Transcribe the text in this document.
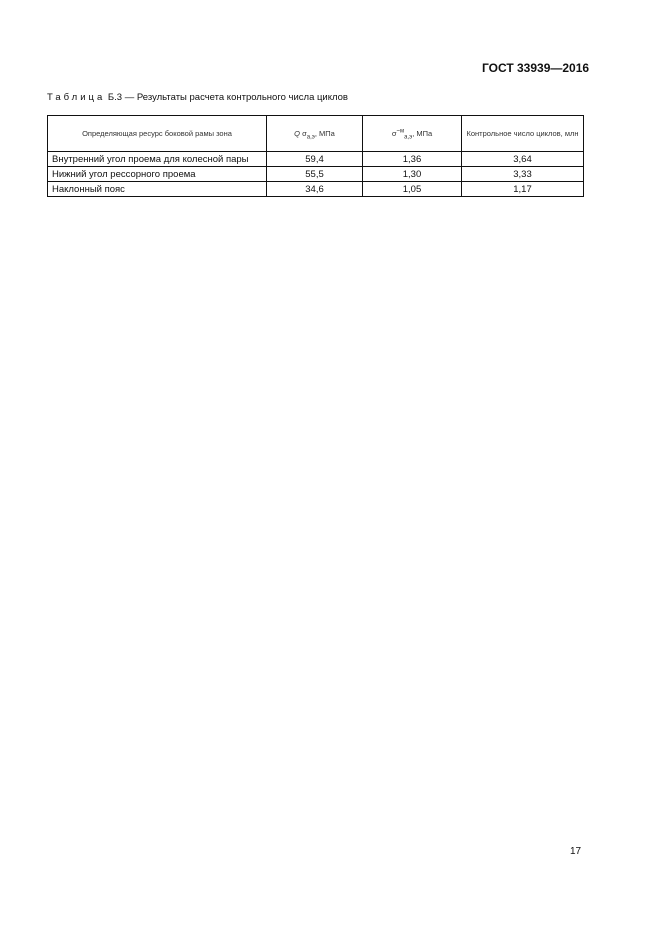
ГОСТ 33939—2016
Таблица Б.3 — Результаты расчета контрольного числа циклов
Определяющая ресурс боковой рамы зона	Q $\sigma_{a,э}$, МПа	$\sigma^{\sim м}_{а,э}$, МПа	Контрольное число циклов, млн
Внутренний угол проема для колесной пары	59,4	1,36	3,64
Нижний угол рессорного проема	55,5	1,30	3,33
Наклонный пояс	34,6	1,05	1,17
17
